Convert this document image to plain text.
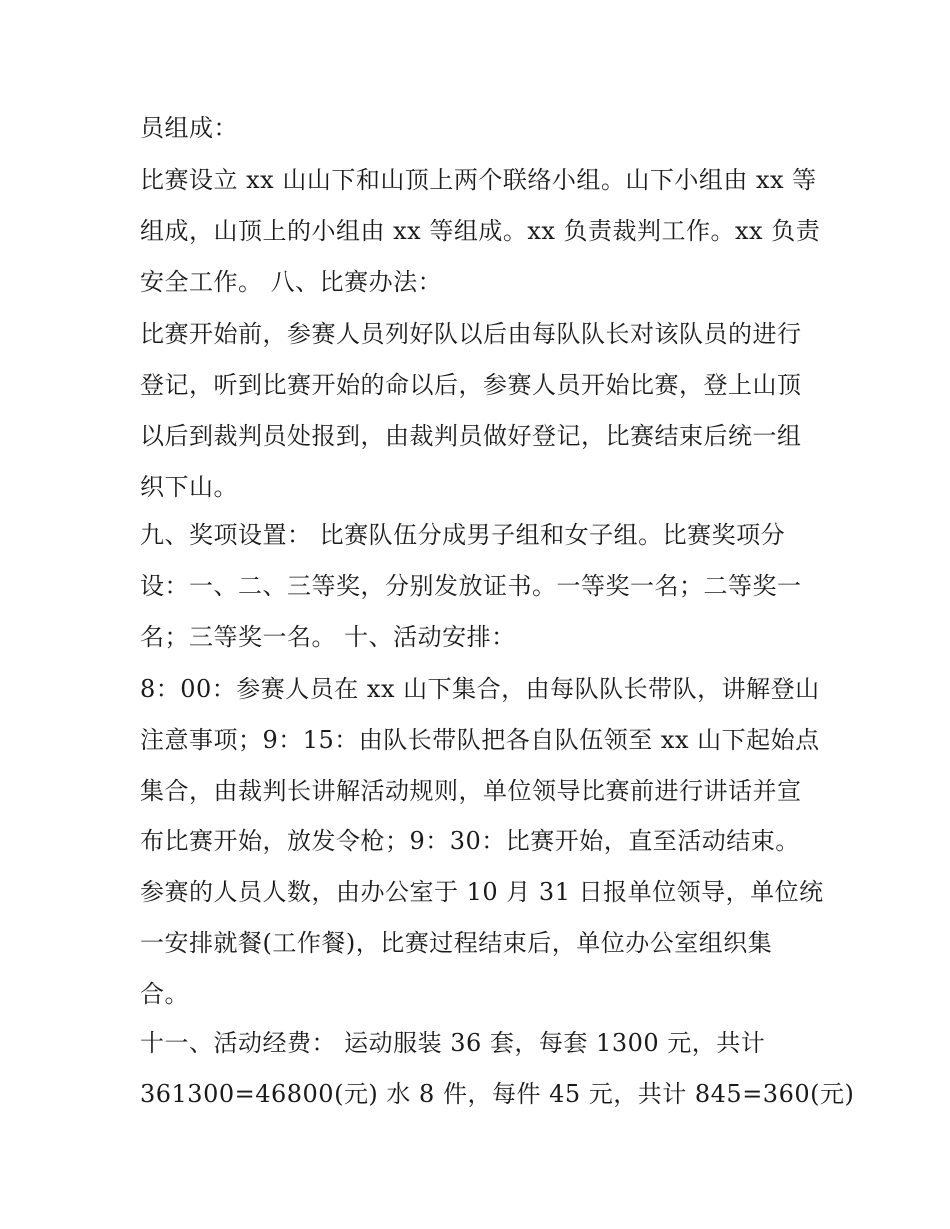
员组成：
比赛设立 xx 山山下和山顶上两个联络小组。山下小组由 xx 等
组成，山顶上的小组由 xx 等组成。xx 负责裁判工作。xx 负责
安全工作。 八、比赛办法：
比赛开始前，参赛人员列好队以后由每队队长对该队员的进行
登记，听到比赛开始的命以后，参赛人员开始比赛，登上山顶
以后到裁判员处报到，由裁判员做好登记，比赛结束后统一组
织下山。
九、奖项设置： 比赛队伍分成男子组和女子组。比赛奖项分
设：一、二、三等奖，分别发放证书。一等奖一名；二等奖一
名；三等奖一名。 十、活动安排：
8：00：参赛人员在 xx 山下集合，由每队队长带队，讲解登山
注意事项；9：15：由队长带队把各自队伍领至 xx 山下起始点
集合，由裁判长讲解活动规则，单位领导比赛前进行讲话并宣
布比赛开始，放发令枪；9：30：比赛开始，直至活动结束。
参赛的人员人数，由办公室于 10 月 31 日报单位领导，单位统
一安排就餐(工作餐)，比赛过程结束后，单位办公室组织集
合。
十一、活动经费： 运动服装 36 套，每套 1300 元，共计
361300=46800(元) 水 8 件，每件 45 元，共计 845=360(元)
